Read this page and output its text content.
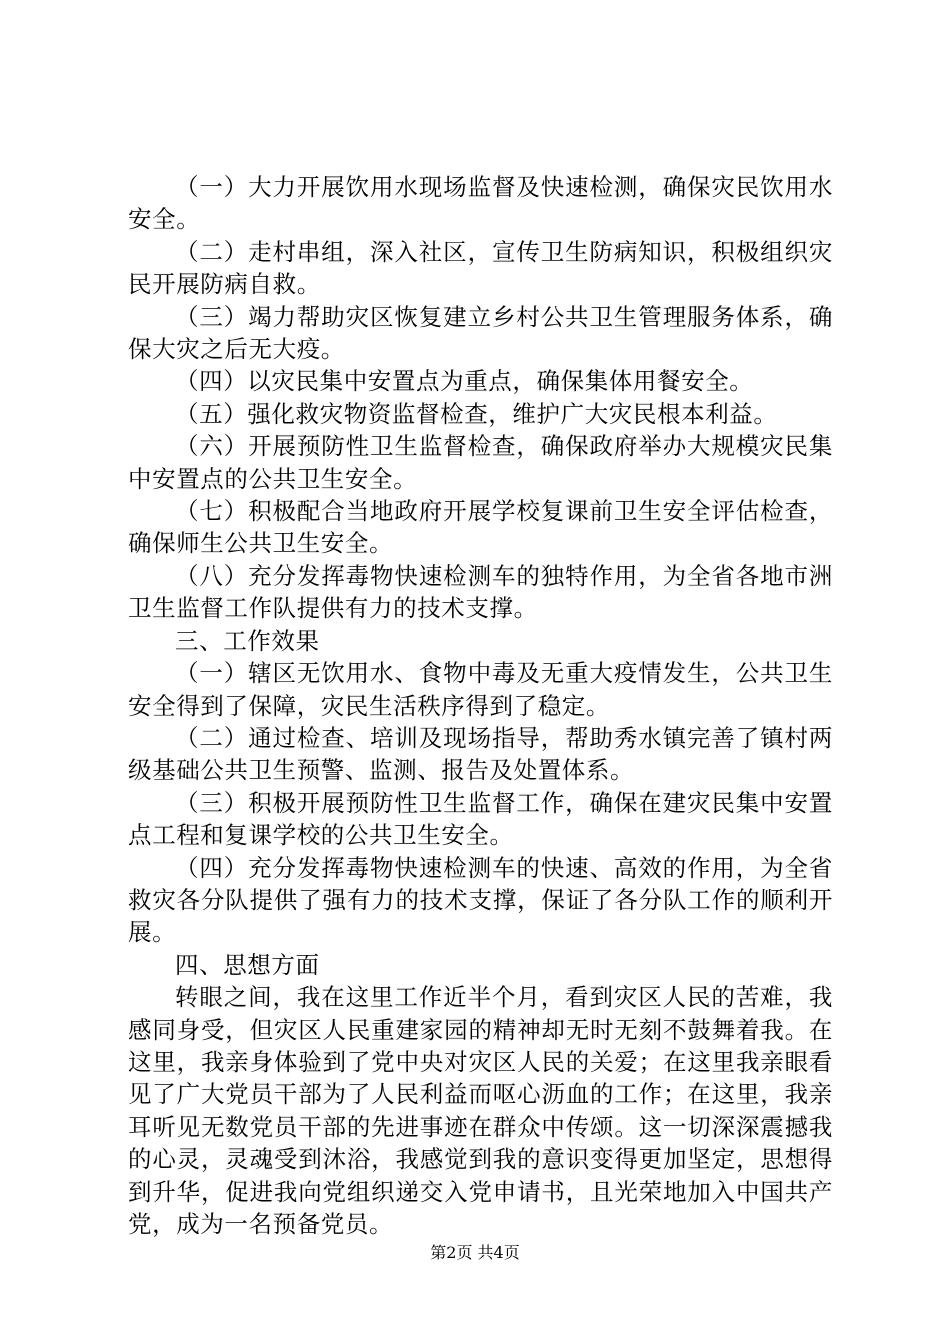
（一）大力开展饮用水现场监督及快速检测，确保灾民饮用水安全。

（二）走村串组，深入社区，宣传卫生防病知识，积极组织灾民开展防病自救。

（三）竭力帮助灾区恢复建立乡村公共卫生管理服务体系，确保大灾之后无大疫。

（四）以灾民集中安置点为重点，确保集体用餐安全。

（五）强化救灾物资监督检查，维护广大灾民根本利益。

（六）开展预防性卫生监督检查，确保政府举办大规模灾民集中安置点的公共卫生安全。

（七）积极配合当地政府开展学校复课前卫生安全评估检查，确保师生公共卫生安全。

（八）充分发挥毒物快速检测车的独特作用，为全省各地市洲卫生监督工作队提供有力的技术支撑。

三、工作效果

（一）辖区无饮用水、食物中毒及无重大疫情发生，公共卫生安全得到了保障，灾民生活秩序得到了稳定。

（二）通过检查、培训及现场指导，帮助秀水镇完善了镇村两级基础公共卫生预警、监测、报告及处置体系。

（三）积极开展预防性卫生监督工作，确保在建灾民集中安置点工程和复课学校的公共卫生安全。

（四）充分发挥毒物快速检测车的快速、高效的作用，为全省救灾各分队提供了强有力的技术支撑，保证了各分队工作的顺利开展。

四、思想方面

转眼之间，我在这里工作近半个月，看到灾区人民的苦难，我感同身受，但灾区人民重建家园的精神却无时无刻不鼓舞着我。在这里，我亲身体验到了党中央对灾区人民的关爱；在这里我亲眼看见了广大党员干部为了人民利益而呕心沥血的工作；在这里，我亲耳听见无数党员干部的先进事迹在群众中传颂。这一切深深震撼我的心灵，灵魂受到沐浴，我感觉到我的意识变得更加坚定，思想得到升华，促进我向党组织递交入党申请书，且光荣地加入中国共产党，成为一名预备党员。

第2页 共4页
